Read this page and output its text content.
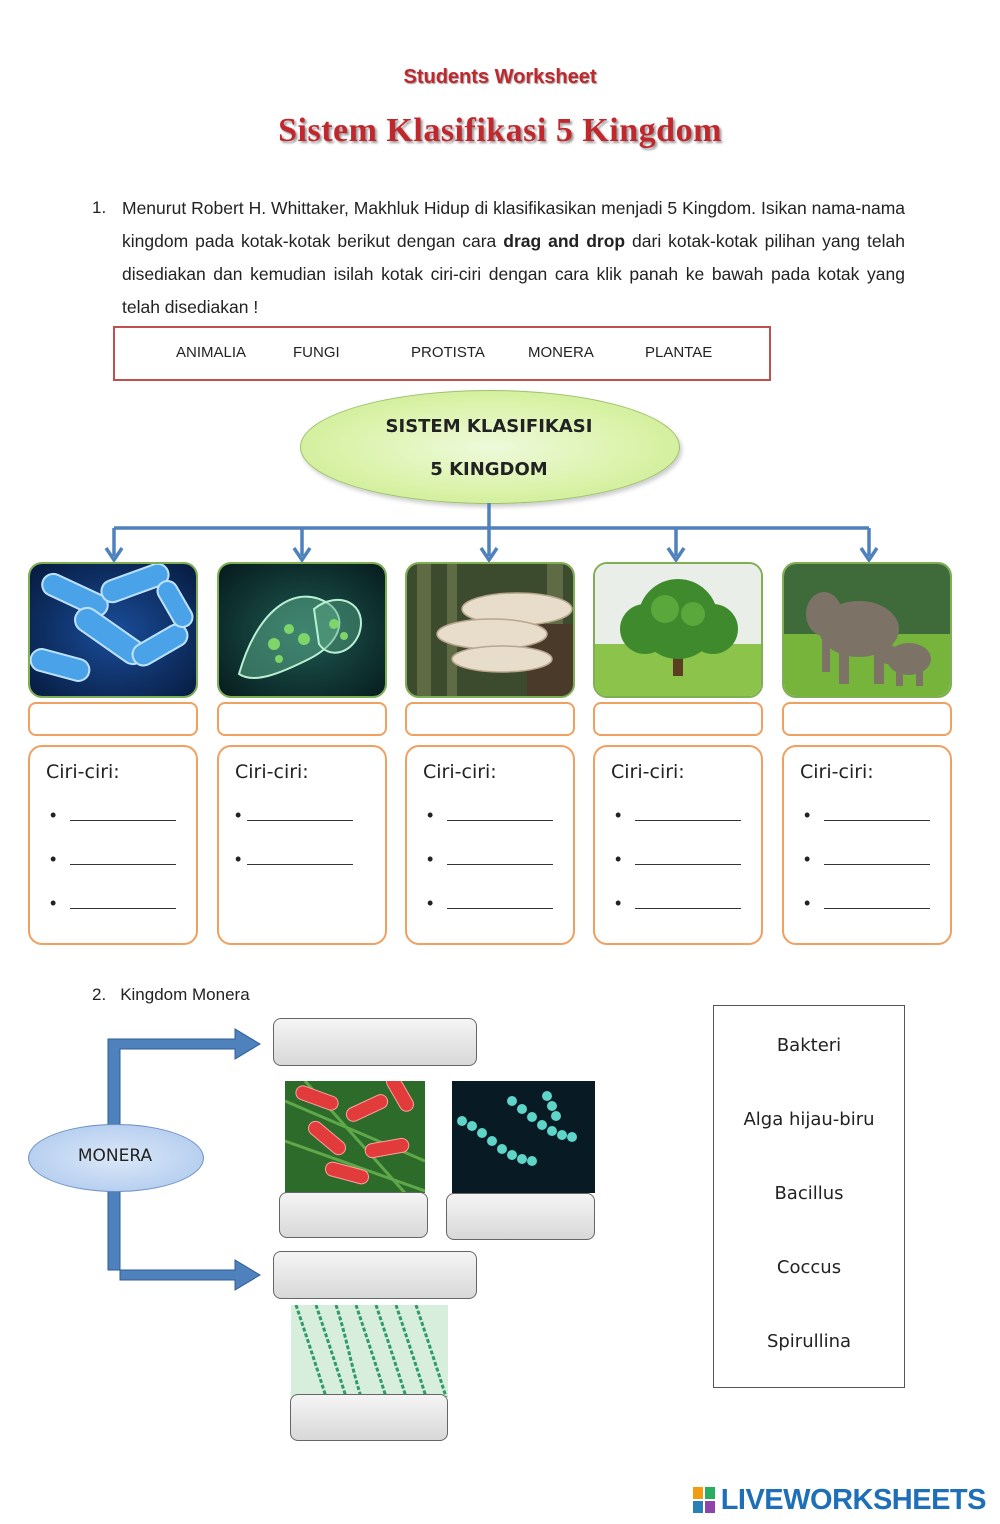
Students Worksheet
Sistem Klasifikasi 5 Kingdom
1. Menurut Robert H. Whittaker, Makhluk Hidup di klasifikasikan menjadi 5 Kingdom. Isikan nama-nama kingdom pada kotak-kotak berikut dengan cara drag and drop dari kotak-kotak pilihan yang telah disediakan dan kemudian isilah kotak ciri-ciri dengan cara klik panah ke bawah pada kotak yang telah disediakan !
ANIMALIA	FUNGI	PROTISTA	MONERA	PLANTAE
SISTEM KLASIFIKASI
5 KINGDOM
Ciri-ciri:
•
•
•
Ciri-ciri:
•
•
Ciri-ciri:
•
•
•
Ciri-ciri:
•
•
•
Ciri-ciri:
•
•
•
2. Kingdom Monera
MONERA
Bakteri
Alga hijau-biru
Bacillus
Coccus
Spirullina
LIVEWORKSHEETS
